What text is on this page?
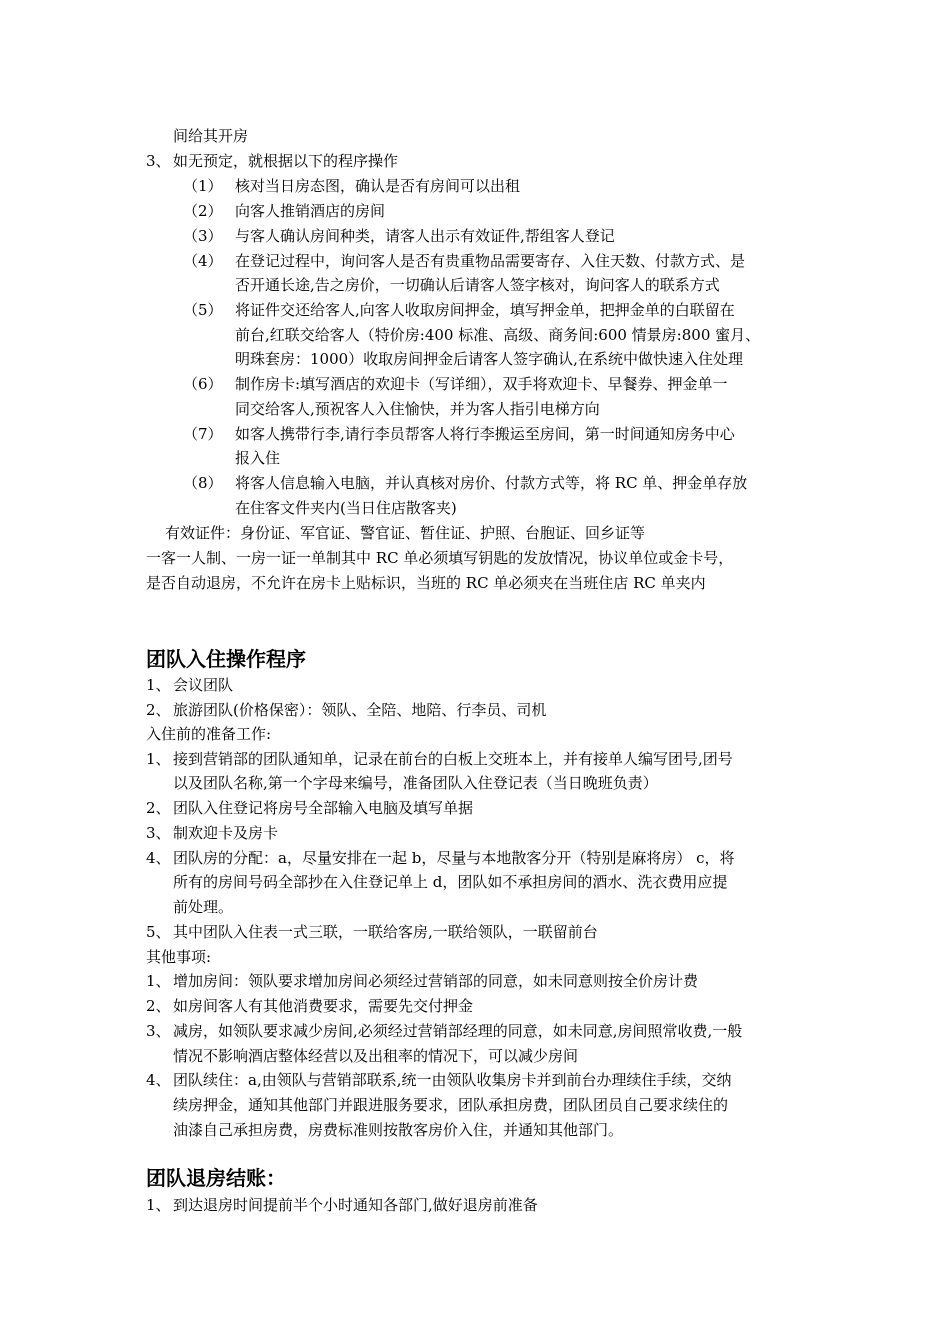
间给其开房
3、 如无预定，就根据以下的程序操作
（1） 核对当日房态图，确认是否有房间可以出租
（2） 向客人推销酒店的房间
（3） 与客人确认房间种类，请客人出示有效证件,帮组客人登记
（4） 在登记过程中，询问客人是否有贵重物品需要寄存、入住天数、付款方式、是
否开通长途,告之房价，一切确认后请客人签字核对，询问客人的联系方式
（5） 将证件交还给客人,向客人收取房间押金，填写押金单，把押金单的白联留在
前台,红联交给客人（特价房:400 标准、高级、商务间:600 情景房:800 蜜月、
明珠套房：1000）收取房间押金后请客人签字确认,在系统中做快速入住处理
（6） 制作房卡:填写酒店的欢迎卡（写详细），双手将欢迎卡、早餐券、押金单一
同交给客人,预祝客人入住愉快，并为客人指引电梯方向
（7） 如客人携带行李,请行李员帮客人将行李搬运至房间，第一时间通知房务中心
报入住
（8） 将客人信息输入电脑，并认真核对房价、付款方式等，将 RC 单、押金单存放
在住客文件夹内(当日住店散客夹)
有效证件：身份证、军官证、警官证、暂住证、护照、台胞证、回乡证等
一客一人制、一房一证一单制其中 RC 单必须填写钥匙的发放情况，协议单位或金卡号，
是否自动退房，不允许在房卡上贴标识，当班的 RC 单必须夹在当班住店 RC 单夹内
团队入住操作程序
1、 会议团队
2、 旅游团队(价格保密）：领队、全陪、地陪、行李员、司机
入住前的准备工作:
1、 接到营销部的团队通知单，记录在前台的白板上交班本上，并有接单人编写团号,团号
以及团队名称,第一个字母来编号，准备团队入住登记表（当日晚班负责）
2、 团队入住登记将房号全部输入电脑及填写单据
3、 制欢迎卡及房卡
4、 团队房的分配：a，尽量安排在一起 b，尽量与本地散客分开（特别是麻将房） c，将
所有的房间号码全部抄在入住登记单上 d，团队如不承担房间的酒水、洗衣费用应提
前处理。
5、 其中团队入住表一式三联，一联给客房,一联给领队，一联留前台
其他事项:
1、 增加房间：领队要求增加房间必须经过营销部的同意，如未同意则按全价房计费
2、 如房间客人有其他消费要求，需要先交付押金
3、 减房，如领队要求减少房间,必须经过营销部经理的同意，如未同意,房间照常收费,一般
情况不影响酒店整体经营以及出租率的情况下，可以减少房间
4、 团队续住：a,由领队与营销部联系,统一由领队收集房卡并到前台办理续住手续，交纳
续房押金，通知其他部门并跟进服务要求，团队承担房费，团队团员自己要求续住的
油漆自己承担房费，房费标准则按散客房价入住，并通知其他部门。
团队退房结账：
1、 到达退房时间提前半个小时通知各部门,做好退房前准备
